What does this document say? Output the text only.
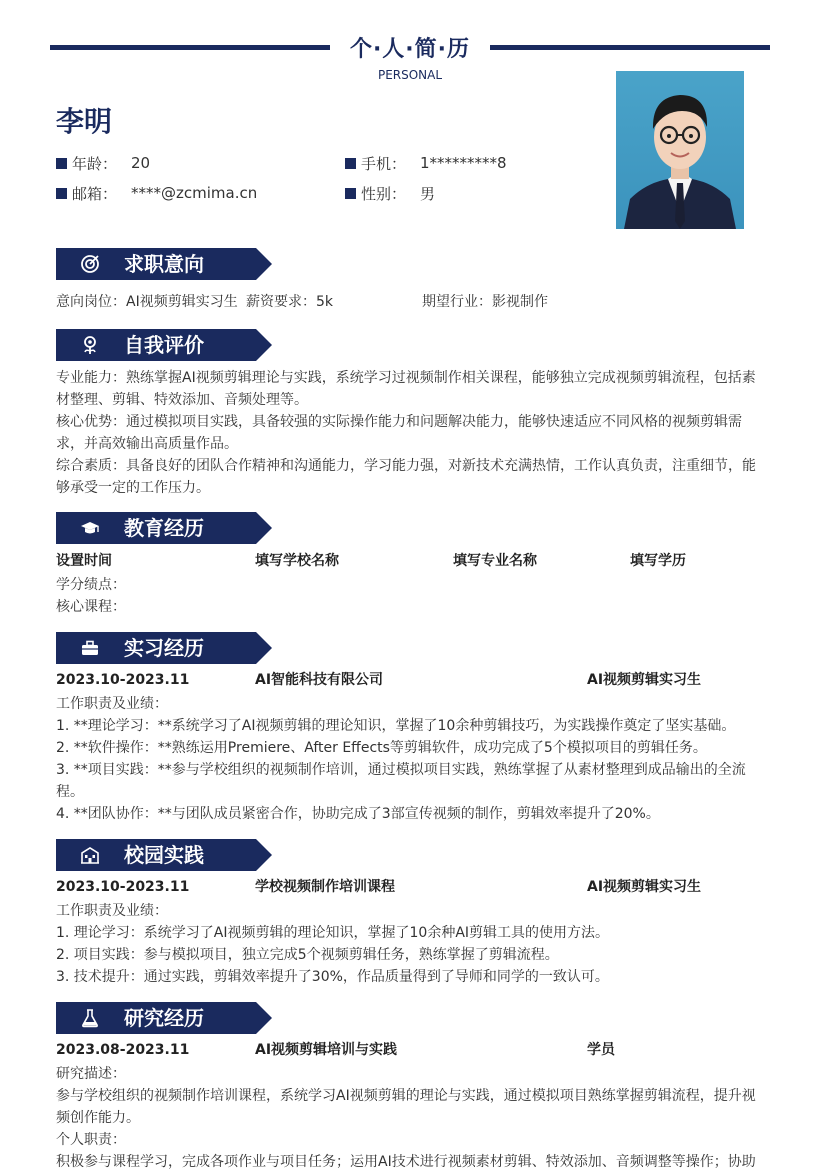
个·人·简·历
PERSONAL
李明
年龄： 20	手机： 1*********8
邮箱： ****@zcmima.cn	性别： 男
求职意向
意向岗位：AI视频剪辑实习生 薪资要求：5k	期望行业：影视制作
自我评价
专业能力：熟练掌握AI视频剪辑理论与实践，系统学习过视频制作相关课程，能够独立完成视频剪辑流程，包括素
材整理、剪辑、特效添加、音频处理等。
核心优势：通过模拟项目实践，具备较强的实际操作能力和问题解决能力，能够快速适应不同风格的视频剪辑需
求，并高效输出高质量作品。
综合素质：具备良好的团队合作精神和沟通能力，学习能力强，对新技术充满热情，工作认真负责，注重细节，能
够承受一定的工作压力。
教育经历
设置时间	填写学校名称	填写专业名称	填写学历
学分绩点：
核心课程：
实习经历
2023.10-2023.11	AI智能科技有限公司	AI视频剪辑实习生
工作职责及业绩：
1. **理论学习：**系统学习了AI视频剪辑的理论知识，掌握了10余种剪辑技巧，为实践操作奠定了坚实基础。
2. **软件操作：**熟练运用Premiere、After Effects等剪辑软件，成功完成了5个模拟项目的剪辑任务。
3. **项目实践：**参与学校组织的视频制作培训，通过模拟项目实践，熟练掌握了从素材整理到成品输出的全流
程。
4. **团队协作：**与团队成员紧密合作，协助完成了3部宣传视频的制作，剪辑效率提升了20%。
校园实践
2023.10-2023.11	学校视频制作培训课程	AI视频剪辑实习生
工作职责及业绩：
1. 理论学习：系统学习了AI视频剪辑的理论知识，掌握了10余种AI剪辑工具的使用方法。
2. 项目实践：参与模拟项目，独立完成5个视频剪辑任务，熟练掌握了剪辑流程。
3. 技术提升：通过实践，剪辑效率提升了30%，作品质量得到了导师和同学的一致认可。
研究经历
2023.08-2023.11	AI视频剪辑培训与实践	学员
研究描述：
参与学校组织的视频制作培训课程，系统学习AI视频剪辑的理论与实践，通过模拟项目熟练掌握剪辑流程，提升视
频创作能力。
个人职责：
积极参与课程学习，完成各项作业与项目任务；运用AI技术进行视频素材剪辑、特效添加、音频调整等操作；协助
